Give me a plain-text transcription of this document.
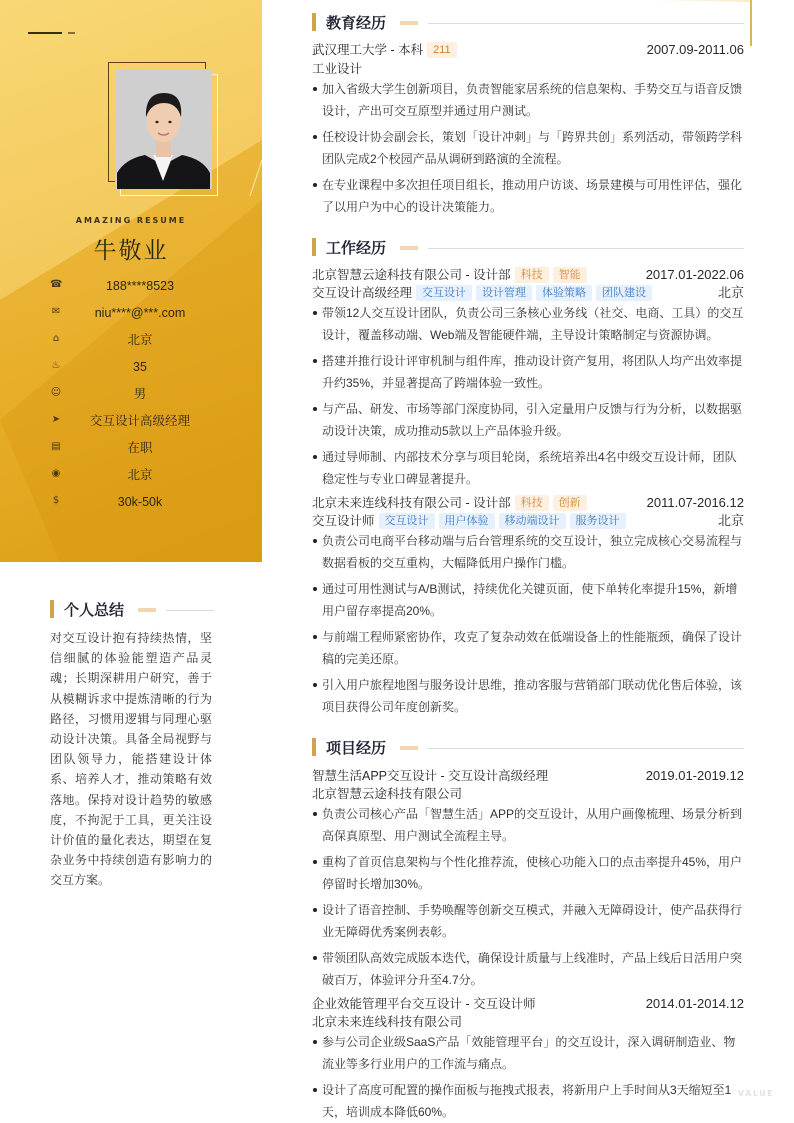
AMAZING RESUME
牛敬业
☎	188****8523
✉	niu****@***.com
⌂	北京
♨	35
☺	男
➤	交互设计高级经理
▤	在职
◉	北京
$	30k-50k
个人总结
对交互设计抱有持续热情，坚信细腻的体验能塑造产品灵魂；长期深耕用户研究，善于从模糊诉求中提炼清晰的行为路径，习惯用逻辑与同理心驱动设计决策。具备全局视野与团队领导力，能搭建设计体系、培养人才，推动策略有效落地。保持对设计趋势的敏感度，不拘泥于工具，更关注设计价值的量化表达，期望在复杂业务中持续创造有影响力的交互方案。
教育经历
武汉理工大学 - 本科 211	2007.09-2011.06
工业设计
加入省级大学生创新项目，负责智能家居系统的信息架构、手势交互与语音反馈设计，产出可交互原型并通过用户测试。
任校设计协会副会长，策划「设计冲刺」与「跨界共创」系列活动，带领跨学科团队完成2个校园产品从调研到路演的全流程。
在专业课程中多次担任项目组长，推动用户访谈、场景建模与可用性评估，强化了以用户为中心的设计决策能力。
工作经历
北京智慧云途科技有限公司 - 设计部 科技 智能	2017.01-2022.06
交互设计高级经理 交互设计 设计管理 体验策略 团队建设	北京
带领12人交互设计团队，负责公司三条核心业务线（社交、电商、工具）的交互设计，覆盖移动端、Web端及智能硬件端，主导设计策略制定与资源协调。
搭建并推行设计评审机制与组件库，推动设计资产复用，将团队人均产出效率提升约35%，并显著提高了跨端体验一致性。
与产品、研发、市场等部门深度协同，引入定量用户反馈与行为分析，以数据驱动设计决策，成功推动5款以上产品体验升级。
通过导师制、内部技术分享与项目轮岗，系统培养出4名中级交互设计师，团队稳定性与专业口碑显著提升。
北京未来连线科技有限公司 - 设计部 科技 创新	2011.07-2016.12
交互设计师 交互设计 用户体验 移动端设计 服务设计	北京
负责公司电商平台移动端与后台管理系统的交互设计，独立完成核心交易流程与数据看板的交互重构，大幅降低用户操作门槛。
通过可用性测试与A/B测试，持续优化关键页面，使下单转化率提升15%，新增用户留存率提高20%。
与前端工程师紧密协作，攻克了复杂动效在低端设备上的性能瓶颈，确保了设计稿的完美还原。
引入用户旅程地图与服务设计思维，推动客服与营销部门联动优化售后体验，该项目获得公司年度创新奖。
项目经历
智慧生活APP交互设计 - 交互设计高级经理	2019.01-2019.12
北京智慧云途科技有限公司
负责公司核心产品「智慧生活」APP的交互设计，从用户画像梳理、场景分析到高保真原型、用户测试全流程主导。
重构了首页信息架构与个性化推荐流，使核心功能入口的点击率提升45%，用户停留时长增加30%。
设计了语音控制、手势唤醒等创新交互模式，并融入无障碍设计，使产品获得行业无障碍优秀案例表彰。
带领团队高效完成版本迭代，确保设计质量与上线准时，产品上线后日活用户突破百万，体验评分升至4.7分。
企业效能管理平台交互设计 - 交互设计师	2014.01-2014.12
北京未来连线科技有限公司
参与公司企业级SaaS产品「效能管理平台」的交互设计，深入调研制造业、物流业等多行业用户的工作流与痛点。
设计了高度可配置的操作面板与拖拽式报表，将新用户上手时间从3天缩短至1天，培训成本降低60%。
VALUE
